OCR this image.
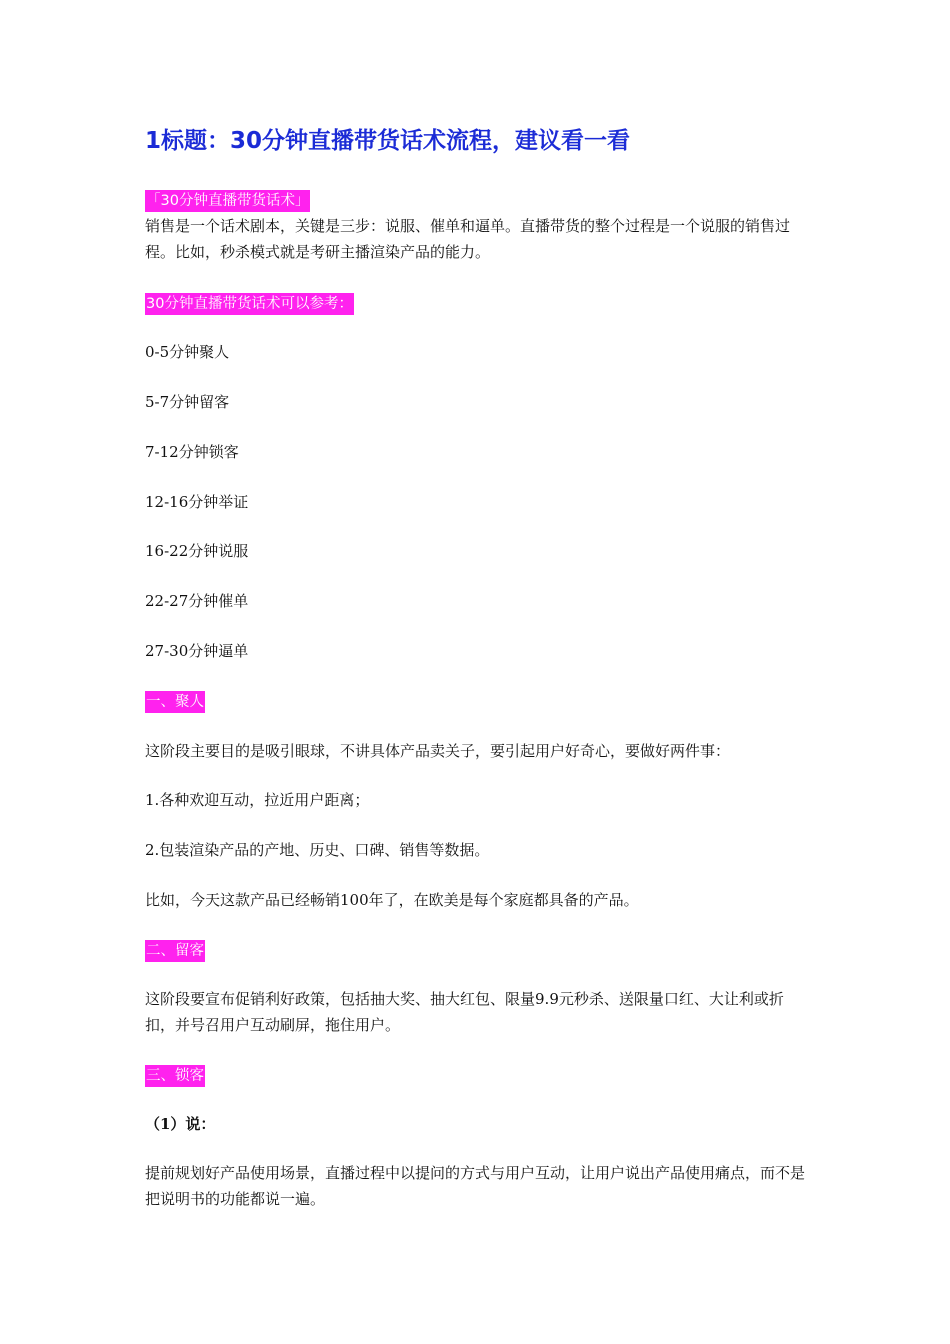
1标题：30分钟直播带货话术流程，建议看一看
「30分钟直播带货话术」
销售是一个话术剧本，关键是三步：说服、催单和逼单。直播带货的整个过程是一个说服的销售过程。比如，秒杀模式就是考研主播渲染产品的能力。
30分钟直播带货话术可以参考：
0-5分钟聚人
5-7分钟留客
7-12分钟锁客
12-16分钟举证
16-22分钟说服
22-27分钟催单
27-30分钟逼单
一、聚人
这阶段主要目的是吸引眼球，不讲具体产品卖关子，要引起用户好奇心，要做好两件事：
1.各种欢迎互动，拉近用户距离；
2.包装渲染产品的产地、历史、口碑、销售等数据。
比如，今天这款产品已经畅销100年了，在欧美是每个家庭都具备的产品。
二、留客
这阶段要宣布促销利好政策，包括抽大奖、抽大红包、限量9.9元秒杀、送限量口红、大让利或折扣，并号召用户互动刷屏，拖住用户。
三、锁客
（1）说：
提前规划好产品使用场景，直播过程中以提问的方式与用户互动，让用户说出产品使用痛点，而不是把说明书的功能都说一遍。
